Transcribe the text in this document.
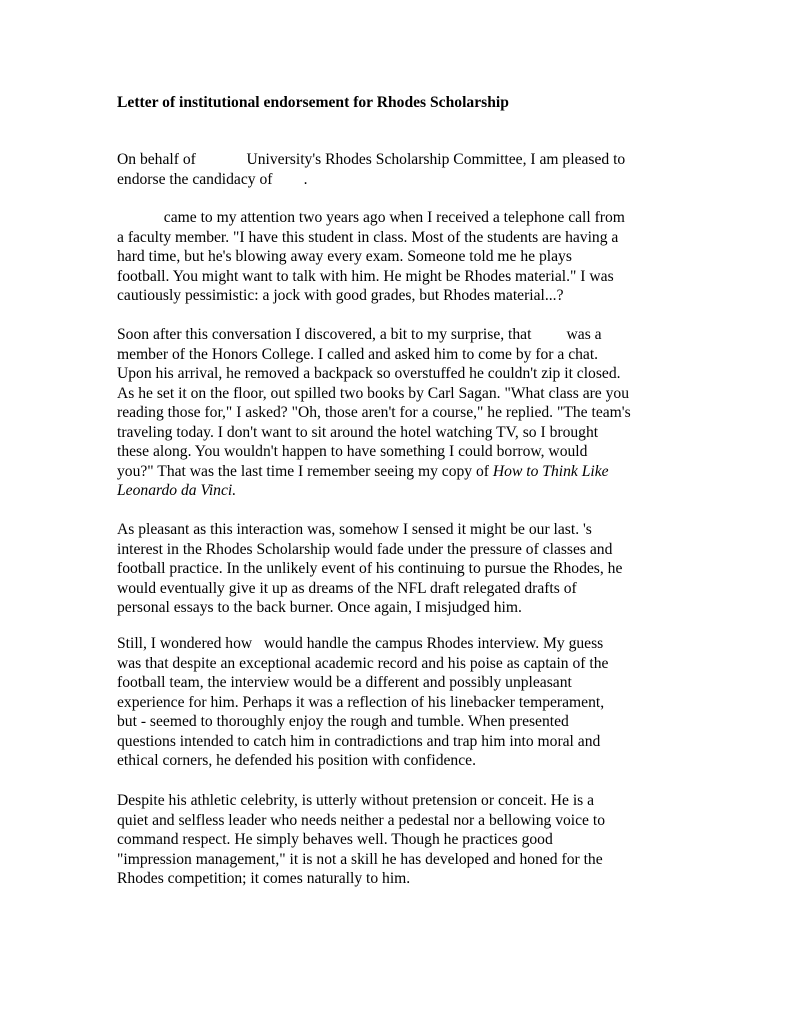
Letter of institutional endorsement for Rhodes Scholarship
On behalf of             University's Rhodes Scholarship Committee, I am pleased to
endorse the candidacy of        .
came to my attention two years ago when I received a telephone call from
a faculty member. "I have this student in class. Most of the students are having a
hard time, but he's blowing away every exam. Someone told me he plays
football. You might want to talk with him. He might be Rhodes material." I was
cautiously pessimistic: a jock with good grades, but Rhodes material...?
Soon after this conversation I discovered, a bit to my surprise, that         was a
member of the Honors College. I called and asked him to come by for a chat.
Upon his arrival, he removed a backpack so overstuffed he couldn't zip it closed.
As he set it on the floor, out spilled two books by Carl Sagan. "What class are you
reading those for," I asked? "Oh, those aren't for a course," he replied. "The team's
traveling today. I don't want to sit around the hotel watching TV, so I brought
these along. You wouldn't happen to have something I could borrow, would
you?" That was the last time I remember seeing my copy of How to Think Like
Leonardo da Vinci.
As pleasant as this interaction was, somehow I sensed it might be our last. 's
interest in the Rhodes Scholarship would fade under the pressure of classes and
football practice. In the unlikely event of his continuing to pursue the Rhodes, he
would eventually give it up as dreams of the NFL draft relegated drafts of
personal essays to the back burner. Once again, I misjudged him.
Still, I wondered how   would handle the campus Rhodes interview. My guess
was that despite an exceptional academic record and his poise as captain of the
football team, the interview would be a different and possibly unpleasant
experience for him. Perhaps it was a reflection of his linebacker temperament,
but - seemed to thoroughly enjoy the rough and tumble. When presented
questions intended to catch him in contradictions and trap him into moral and
ethical corners, he defended his position with confidence.
Despite his athletic celebrity, is utterly without pretension or conceit. He is a
quiet and selfless leader who needs neither a pedestal nor a bellowing voice to
command respect. He simply behaves well. Though he practices good
"impression management," it is not a skill he has developed and honed for the
Rhodes competition; it comes naturally to him.
